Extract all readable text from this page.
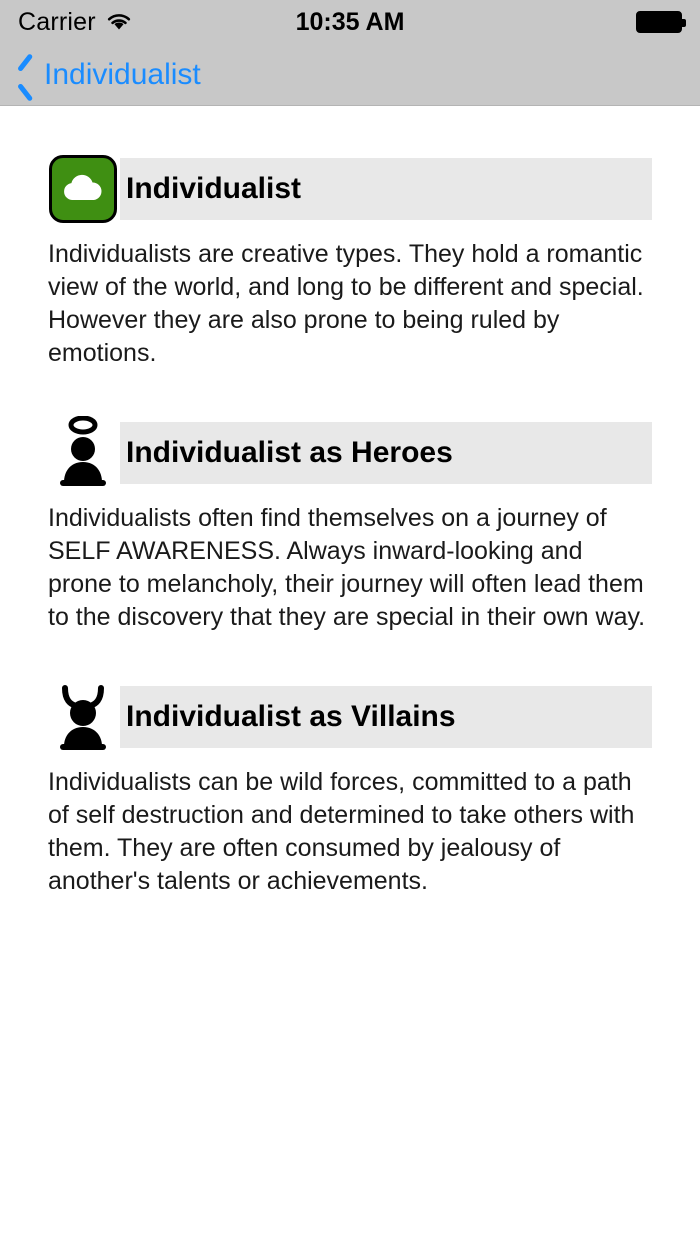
Carrier	10:35 AM
Individualist
Individualist
Individualists are creative types. They hold a romantic view of the world, and long to be different and special. However they are also prone to being ruled by emotions.
Individualist as Heroes
Individualists often find themselves on a journey of SELF AWARENESS. Always inward-looking and prone to melancholy, their journey will often lead them to the discovery that they are special in their own way.
Individualist as Villains
Individualists can be wild forces, committed to a path of self destruction and determined to take others with them. They are often consumed by jealousy of another's talents or achievements.
